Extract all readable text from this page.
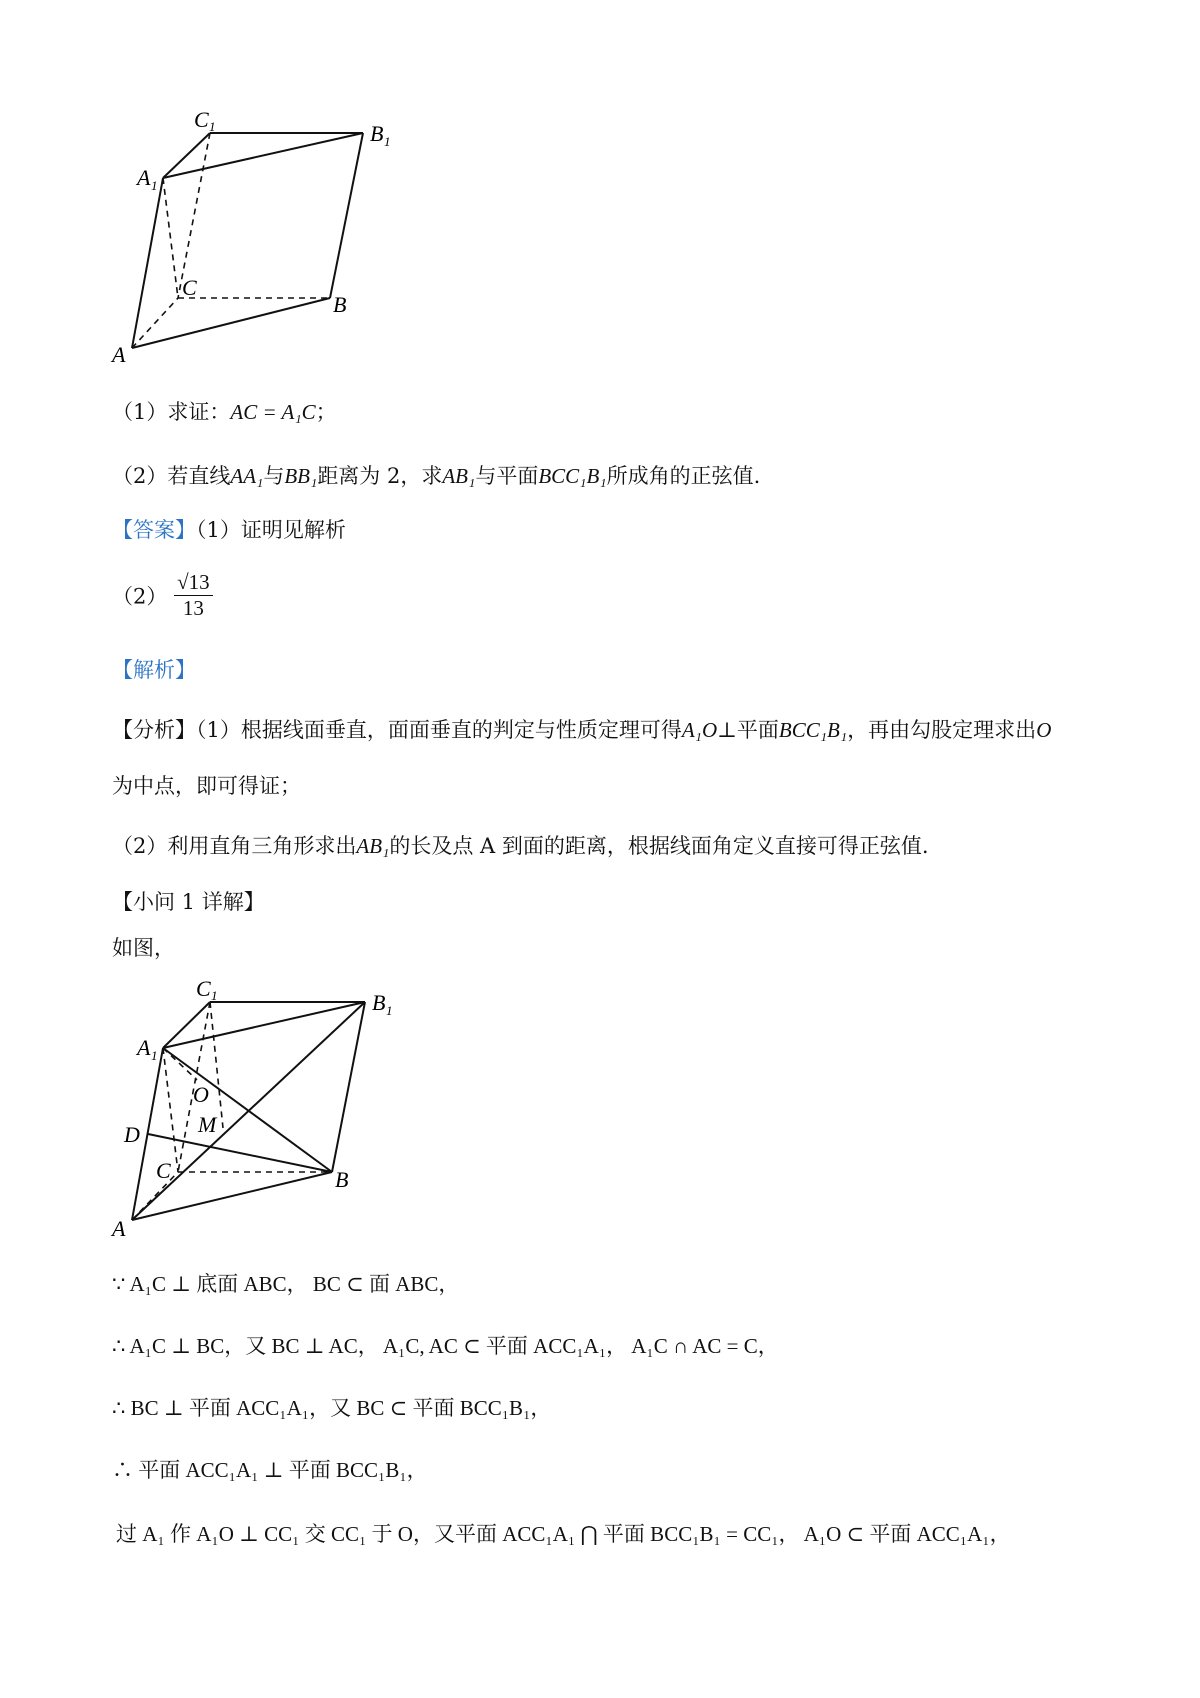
C 1	B 1
A 1
C
B
A
（1）求证：AC = A₁C；
（2）若直线AA₁与BB₁距离为 2，求AB₁与平面BCC₁B₁所成角的正弦值.
【答案】（1）证明见解析
$(2) \frac{√13}{13}$
【解析】
【分析】（1）根据线面垂直，面面垂直的判定与性质定理可得A₁O⊥平面BCC₁B₁，再由勾股定理求出O
为中点，即可得证；
（2）利用直角三角形求出AB₁的长及点 A 到面的距离，根据线面角定义直接可得正弦值.
【小问 1 详解】
如图，
C 1	B 1
A 1
O
M
D
C	B
A
∵ A₁C ⊥ 底面 ABC， BC ⊂ 面 ABC，
∴ A₁C ⊥ BC，又 BC ⊥ AC， A₁C, AC ⊂ 平面 ACC₁A₁， A₁C ∩ AC = C，
∴ BC ⊥ 平面 ACC₁A₁，又 BC ⊂ 平面 BCC₁B₁，
∴ 平面 ACC₁A₁ ⊥ 平面 BCC₁B₁，
过 A₁ 作 A₁O ⊥ CC₁ 交 CC₁ 于 O，又平面 ACC₁A₁ ⋂ 平面 BCC₁B₁ = CC₁， A₁O ⊂ 平面 ACC₁A₁，
